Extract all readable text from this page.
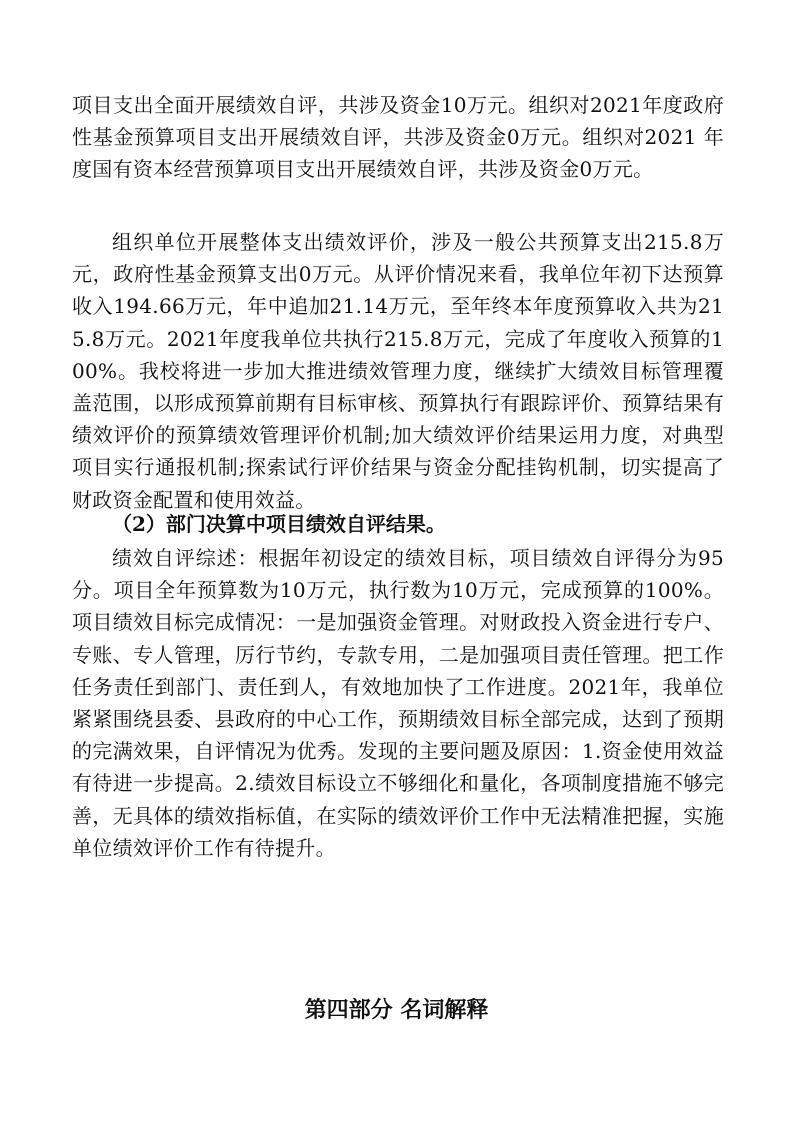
项目支出全面开展绩效自评，共涉及资金10万元。组织对2021年度政府性基金预算项目支出开展绩效自评，共涉及资金0万元。组织对2021 年度国有资本经营预算项目支出开展绩效自评，共涉及资金0万元。

组织单位开展整体支出绩效评价，涉及一般公共预算支出215.8万元，政府性基金预算支出0万元。从评价情况来看，我单位年初下达预算收入194.66万元，年中追加21.14万元，至年终本年度预算收入共为215.8万元。2021年度我单位共执行215.8万元，完成了年度收入预算的100%。我校将进一步加大推进绩效管理力度，继续扩大绩效目标管理覆盖范围，以形成预算前期有目标审核、预算执行有跟踪评价、预算结果有绩效评价的预算绩效管理评价机制;加大绩效评价结果运用力度，对典型项目实行通报机制;探索试行评价结果与资金分配挂钩机制，切实提高了财政资金配置和使用效益。

（2）部门决算中项目绩效自评结果。

绩效自评综述：根据年初设定的绩效目标，项目绩效自评得分为95分。项目全年预算数为10万元，执行数为10万元，完成预算的100%。项目绩效目标完成情况：一是加强资金管理。对财政投入资金进行专户、专账、专人管理，厉行节约，专款专用，二是加强项目责任管理。把工作任务责任到部门、责任到人，有效地加快了工作进度。2021年，我单位紧紧围绕县委、县政府的中心工作，预期绩效目标全部完成，达到了预期的完满效果，自评情况为优秀。发现的主要问题及原因：1.资金使用效益有待进一步提高。2.绩效目标设立不够细化和量化，各项制度措施不够完善，无具体的绩效指标值，在实际的绩效评价工作中无法精准把握，实施单位绩效评价工作有待提升。

第四部分 名词解释
